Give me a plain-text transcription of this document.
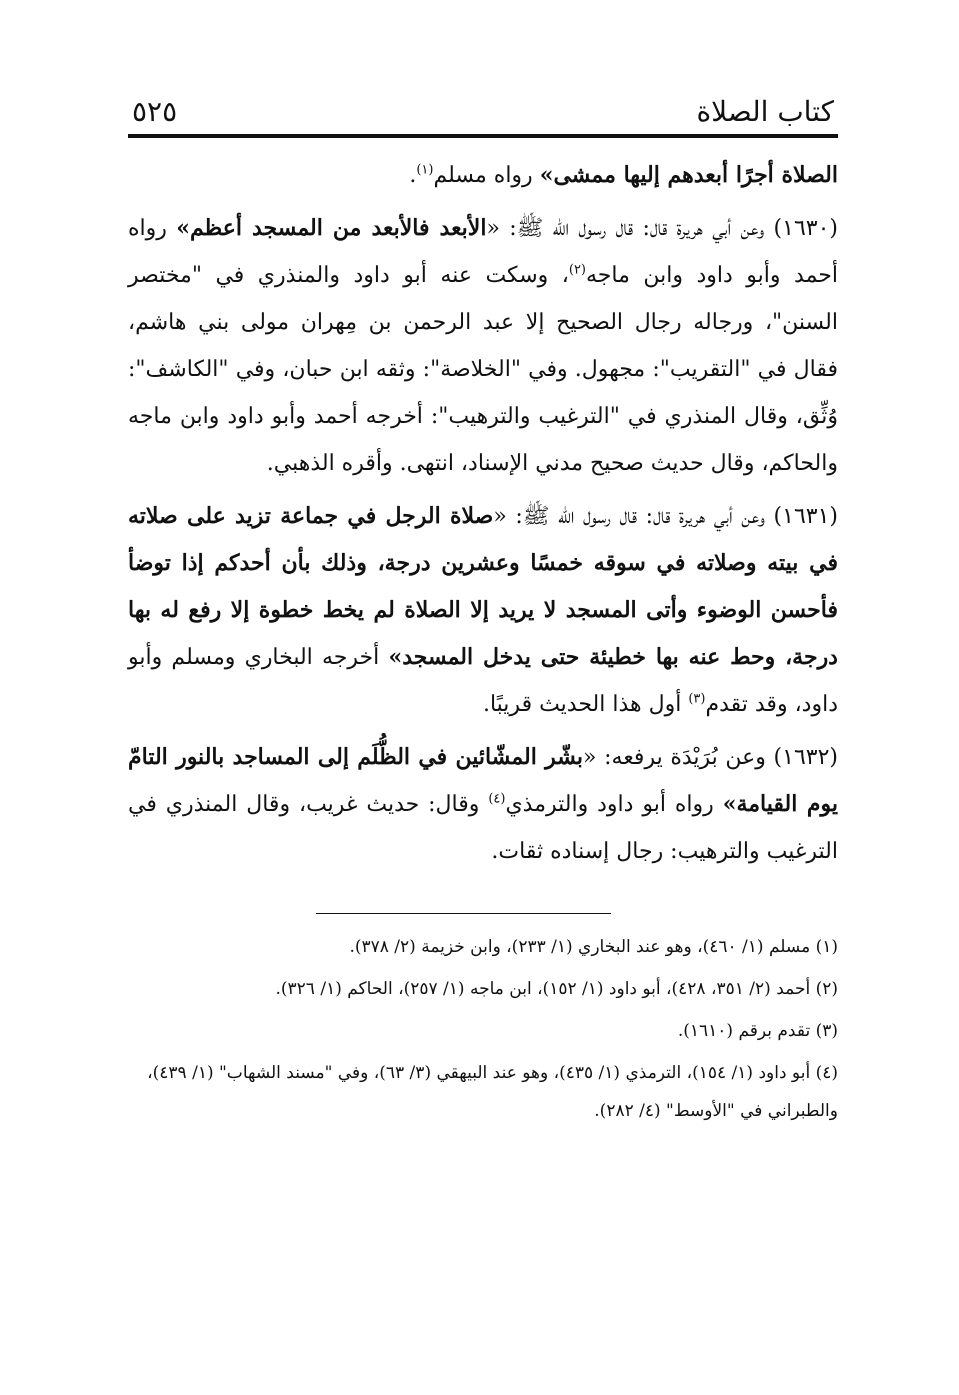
كتاب الصلاة
٥٢٥

الصلاة أجرًا أبعدهم إليها ممشى» رواه مسلم$^{(١)}$.

(١٦٣٠) وعن أبي هريرة قال: قال رسول الله ﷺ: «الأبعد فالأبعد من المسجد أعظم» رواه أحمد وأبو داود وابن ماجه$^{(٢)}$، وسكت عنه أبو داود والمنذري في "مختصر السنن"، ورجاله رجال الصحيح إلا عبد الرحمن بن مِهران مولى بني هاشم، فقال في "التقريب": مجهول. وفي "الخلاصة": وثقه ابن حبان، وفي "الكاشف": وُثِّق، وقال المنذري في "الترغيب والترهيب": أخرجه أحمد وأبو داود وابن ماجه والحاكم، وقال حديث صحيح مدني الإسناد، انتهى. وأقره الذهبي.

(١٦٣١) وعن أبي هريرة قال: قال رسول الله ﷺ: «صلاة الرجل في جماعة تزيد على صلاته في بيته وصلاته في سوقه خمسًا وعشرين درجة، وذلك بأن أحدكم إذا توضأ فأحسن الوضوء وأتى المسجد لا يريد إلا الصلاة لم يخط خطوة إلا رفع له بها درجة، وحط عنه بها خطيئة حتى يدخل المسجد» أخرجه البخاري ومسلم وأبو داود، وقد تقدم$^{(٣)}$ أول هذا الحديث قريبًا.

(١٦٣٢) وعن بُرَيْدَة يرفعه: «بشّر المشّائين في الظُّلَم إلى المساجد بالنور التامّ يوم القيامة» رواه أبو داود والترمذي$^{(٤)}$ وقال: حديث غريب، وقال المنذري في الترغيب والترهيب: رجال إسناده ثقات.

(١) مسلم (١/ ٤٦٠)، وهو عند البخاري (١/ ٢٣٣)، وابن خزيمة (٢/ ٣٧٨).

(٢) أحمد (٢/ ٣٥١، ٤٢٨)، أبو داود (١/ ١٥٢)، ابن ماجه (١/ ٢٥٧)، الحاكم (١/ ٣٢٦).

(٣) تقدم برقم (١٦١٠).

(٤) أبو داود (١/ ١٥٤)، الترمذي (١/ ٤٣٥)، وهو عند البيهقي (٣/ ٦٣)، وفي "مسند الشهاب" (١/ ٤٣٩)، والطبراني في "الأوسط" (٤/ ٢٨٢).
